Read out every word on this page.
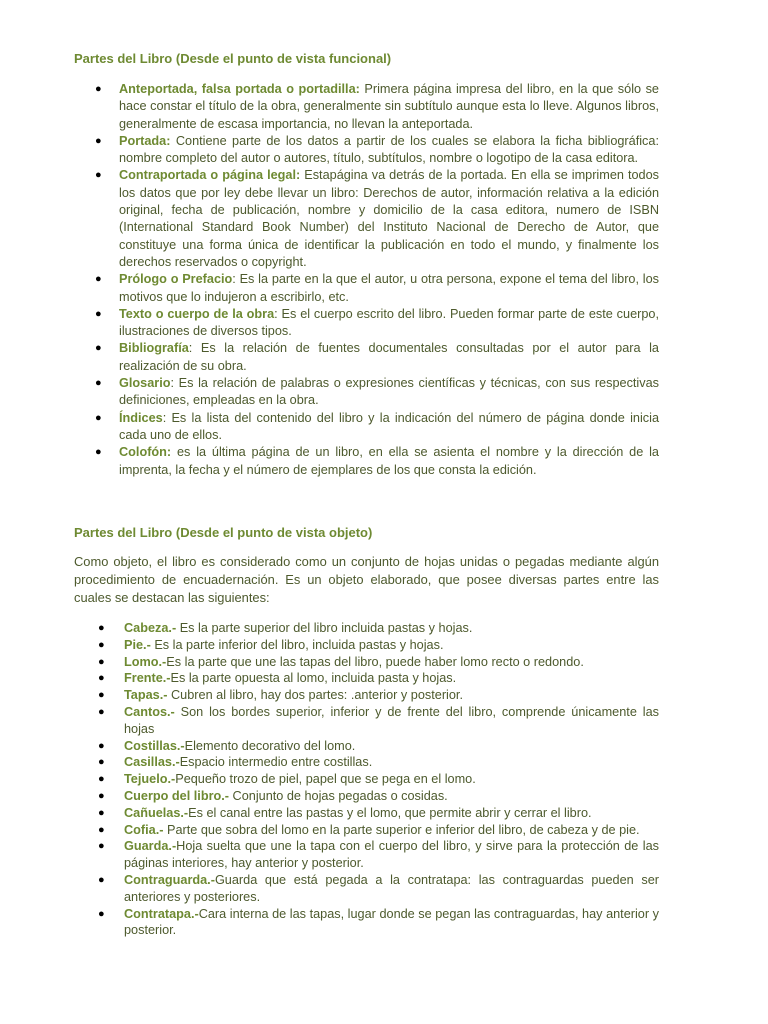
Partes del Libro (Desde el punto de vista funcional)
● Anteportada, falsa portada o portadilla: Primera página impresa del libro, en la que sólo se hace constar el título de la obra, generalmente sin subtítulo aunque esta lo lleve. Algunos libros, generalmente de escasa importancia, no llevan la anteportada.
● Portada: Contiene parte de los datos a partir de los cuales se elabora la ficha bibliográfica: nombre completo del autor o autores, título, subtítulos, nombre o logotipo de la casa editora.
● Contraportada o página legal: Estapágina va detrás de la portada. En ella se imprimen todos los datos que por ley debe llevar un libro: Derechos de autor, información relativa a la edición original, fecha de publicación, nombre y domicilio de la casa editora, numero de ISBN (International Standard Book Number) del Instituto Nacional de Derecho de Autor, que constituye una forma única de identificar la publicación en todo el mundo, y finalmente los derechos reservados o copyright.
● Prólogo o Prefacio: Es la parte en la que el autor, u otra persona, expone el tema del libro, los motivos que lo indujeron a escribirlo, etc.
● Texto o cuerpo de la obra: Es el cuerpo escrito del libro. Pueden formar parte de este cuerpo, ilustraciones de diversos tipos.
● Bibliografía: Es la relación de fuentes documentales consultadas por el autor para la realización de su obra.
● Glosario: Es la relación de palabras o expresiones científicas y técnicas, con sus respectivas definiciones, empleadas en la obra.
● Índices: Es la lista del contenido del libro y la indicación del número de página donde inicia cada uno de ellos.
● Colofón: es la última página de un libro, en ella se asienta el nombre y la dirección de la imprenta, la fecha y el número de ejemplares de los que consta la edición.
Partes del Libro (Desde el punto de vista objeto)

Como objeto, el libro es considerado como un conjunto de hojas unidas o pegadas mediante algún procedimiento de encuadernación. Es un objeto elaborado, que posee diversas partes entre las cuales se destacan las siguientes:

● Cabeza.- Es la parte superior del libro incluida pastas y hojas.
● Pie.- Es la parte inferior del libro, incluida pastas y hojas.
● Lomo.-Es la parte que une las tapas del libro, puede haber lomo recto o redondo.
● Frente.-Es la parte opuesta al lomo, incluida pasta y hojas.
● Tapas.- Cubren al libro, hay dos partes: .anterior y posterior.
● Cantos.- Son los bordes superior, inferior y de frente del libro, comprende únicamente las hojas
● Costillas.-Elemento decorativo del lomo.
● Casillas.-Espacio intermedio entre costillas.
● Tejuelo.-Pequeño trozo de piel, papel que se pega en el lomo.
● Cuerpo del libro.- Conjunto de hojas pegadas o cosidas.
● Cañuelas.-Es el canal entre las pastas y el lomo, que permite abrir y cerrar el libro.
● Cofia.- Parte que sobra del lomo en la parte superior e inferior del libro, de cabeza y de pie.
● Guarda.-Hoja suelta que une la tapa con el cuerpo del libro, y sirve para la protección de las páginas interiores, hay anterior y posterior.
● Contraguarda.-Guarda que está pegada a la contratapa: las contraguardas pueden ser anteriores y posteriores.
● Contratapa.-Cara interna de las tapas, lugar donde se pegan las contraguardas, hay anterior y posterior.
